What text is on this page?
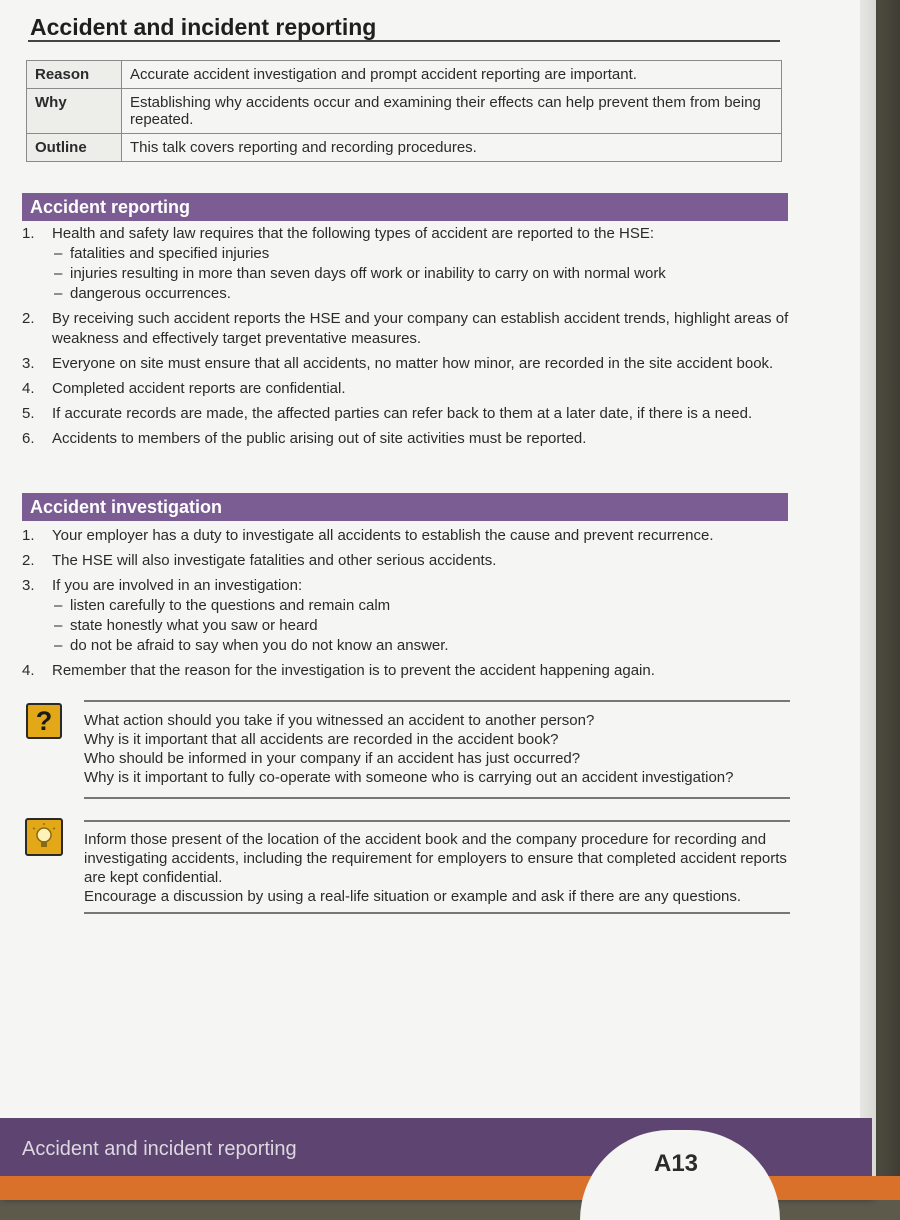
Accident and incident reporting
Reason	Accurate accident investigation and prompt accident reporting are important.
Why	Establishing why accidents occur and examining their effects can help prevent them from being repeated.
Outline	This talk covers reporting and recording procedures.
Accident reporting
1. Health and safety law requires that the following types of accident are reported to the HSE:
– fatalities and specified injuries
– injuries resulting in more than seven days off work or inability to carry on with normal work
– dangerous occurrences.
2. By receiving such accident reports the HSE and your company can establish accident trends, highlight areas of weakness and effectively target preventative measures.
3. Everyone on site must ensure that all accidents, no matter how minor, are recorded in the site accident book.
4. Completed accident reports are confidential.
5. If accurate records are made, the affected parties can refer back to them at a later date, if there is a need.
6. Accidents to members of the public arising out of site activities must be reported.
Accident investigation
1. Your employer has a duty to investigate all accidents to establish the cause and prevent recurrence.
2. The HSE will also investigate fatalities and other serious accidents.
3. If you are involved in an investigation:
– listen carefully to the questions and remain calm
– state honestly what you saw or heard
– do not be afraid to say when you do not know an answer.
4. Remember that the reason for the investigation is to prevent the accident happening again.
?	What action should you take if you witnessed an accident to another person?
Why is it important that all accidents are recorded in the accident book?
Who should be informed in your company if an accident has just occurred?
Why is it important to fully co-operate with someone who is carrying out an accident investigation?
Inform those present of the location of the accident book and the company procedure for recording and investigating accidents, including the requirement for employers to ensure that completed accident reports are kept confidential.
Encourage a discussion by using a real-life situation or example and ask if there are any questions.
Accident and incident reporting
A13
